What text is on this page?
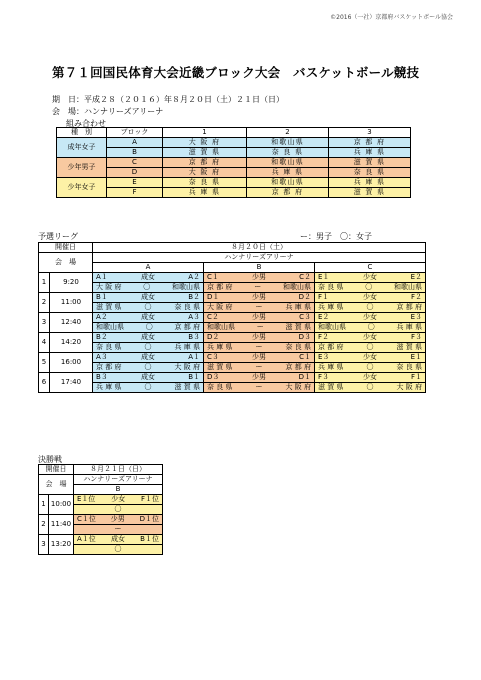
©2016（一社）京都府バスケットボール協会
第７１回国民体育大会近畿ブロック大会　バスケットボール競技
期　日：平成２８（２０１６）年８月２０日（土）２１日（日）
会　場：ハンナリーズアリーナ
組み合わせ
種　別	ブロック	1	2	3
成年女子	A	大 阪 府	和歌山県	京 都 府
	B	滋 賀 県	奈 良 県	兵 庫 県
少年男子	C	京 都 府	和歌山県	滋 賀 県
	D	大 阪 府	兵 庫 県	奈 良 県
少年女子	E	奈 良 県	和歌山県	兵 庫 県
	F	兵 庫 県	京 都 府	滋 賀 県
予選リーグ	ー：男子　〇：女子
開催日		８月２０日（土）		
会　場		ハンナリーズアリーナ		
		A	B	C
1	9:20	A１ 成女 A２	C１ 少男 C２	E１ 少女 E２

		大 阪 府 〇 和歌山県	京 都 府 ー 和歌山県	奈 良 県 〇 和歌山県

2	11:00	B１ 成女 B２	D１ 少男 D２	F１ 少女 F２

		滋 賀 県 〇 奈 良 県	大 阪 府 ー 兵 庫 県	兵 庫 県 〇 京 都 府

3	12:40	A２ 成女 A３	C２ 少男 C３	E２ 少女 E３

		和歌山県 〇 京 都 府	和歌山県 ー 滋 賀 県	和歌山県 〇 兵 庫 県

4	14:20	B２ 成女 B３	D２ 少男 D３	F２ 少女 F３

		奈 良 県 〇 兵 庫 県	兵 庫 県 ー 奈 良 県	京 都 府 〇 滋 賀 県

5	16:00	A３ 成女 A１	C３ 少男 C１	E３ 少女 E１

		京 都 府 〇 大 阪 府	滋 賀 県 ー 京 都 府	兵 庫 県 〇 奈 良 県

6	17:40	B３ 成女 B１	D３ 少男 D１	F３ 少女 F１

		兵 庫 県 〇 滋 賀 県	奈 良 県 ー 大 阪 府	滋 賀 県 〇 大 阪 府
決勝戦
開催日		８月２１日（日）
会　場		ハンナリーズアリーナ
		B
1	10:00	E１位 少女 F１位

		〇
2	11:40	C１位 少男 D１位

		ー
3	13:20	A１位 成女 B１位

		〇
